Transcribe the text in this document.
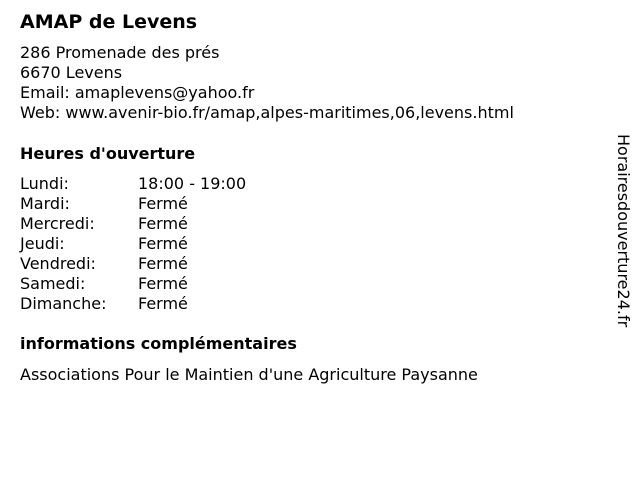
AMAP de Levens
286 Promenade des prés
6670 Levens
Email: amaplevens@yahoo.fr
Web: www.avenir-bio.fr/amap,alpes-maritimes,06,levens.html
Heures d'ouverture
Lundi:	18:00 - 19:00
Mardi:	Fermé
Mercredi:	Fermé
Jeudi:	Fermé
Vendredi:	Fermé
Samedi:	Fermé
Dimanche:	Fermé
informations complémentaires
Associations Pour le Maintien d'une Agriculture Paysanne
Horairesdouverture24.fr
